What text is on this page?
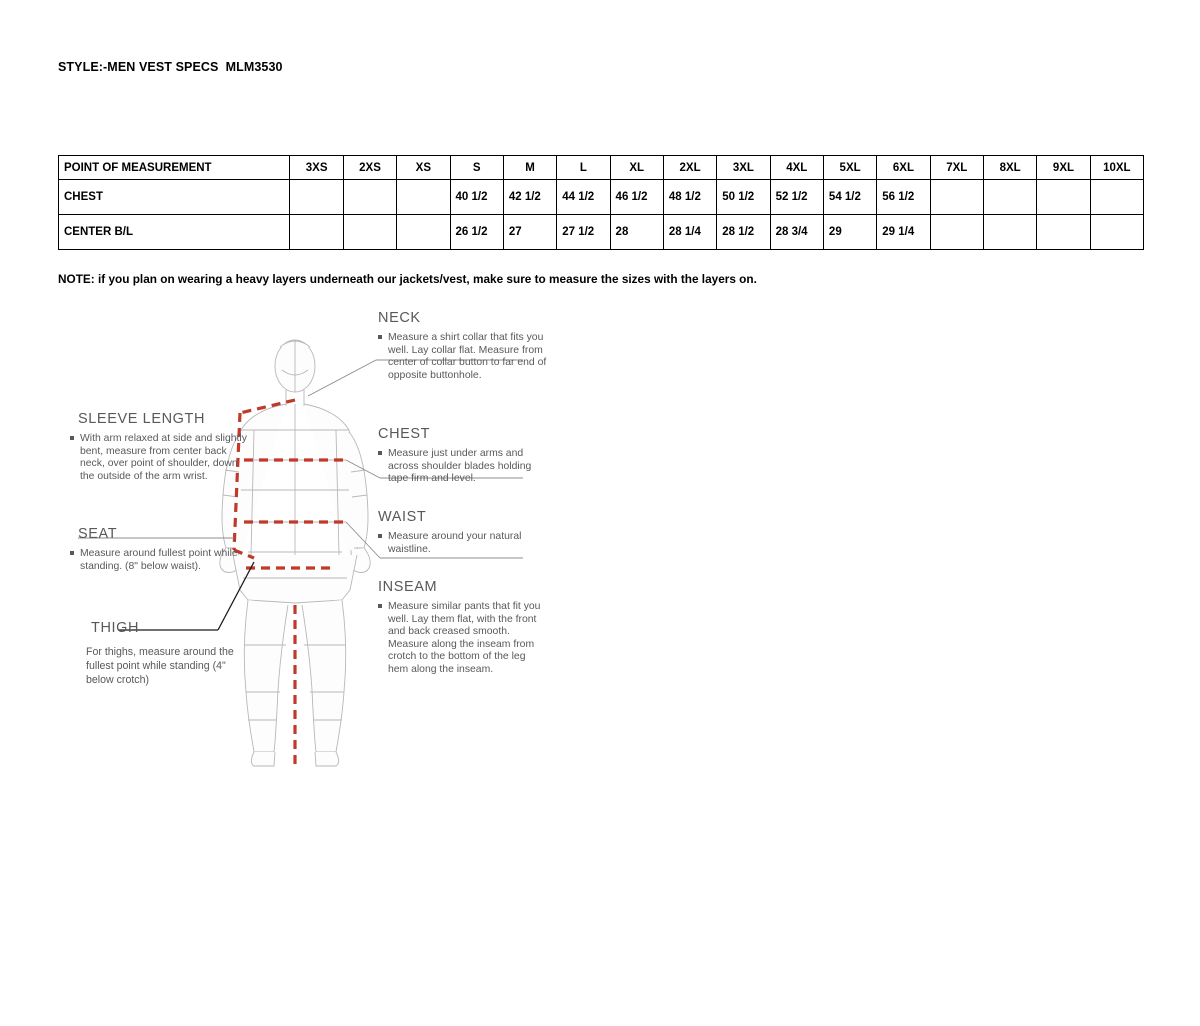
STYLE:-MEN VEST SPECS  MLM3530
POINT OF MEASUREMENT	3XS	2XS	XS	S	M	L	XL	2XL	3XL	4XL	5XL	6XL	7XL	8XL	9XL	10XL
CHEST				40 1/2	42 1/2	44 1/2	46 1/2	48 1/2	50 1/2	52 1/2	54 1/2	56 1/2				
CENTER B/L				26 1/2	27	27 1/2	28	28 1/4	28 1/2	28 3/4	29	29 1/4				
NOTE: if you plan on wearing a heavy layers underneath our jackets/vest, make sure to measure the sizes with the layers on.
NECK
Measure a shirt collar that fits you well. Lay collar flat. Measure from center of collar button to far end of opposite buttonhole.
CHEST
Measure just under arms and across shoulder blades holding tape firm and level.
WAIST
Measure around your natural waistline.
INSEAM
Measure similar pants that fit you well. Lay them flat, with the front and back creased smooth. Measure along the inseam from crotch to the bottom of the leg hem along the inseam.
SLEEVE LENGTH
With arm relaxed at side and slightly bent, measure from center back neck, over point of shoulder, down the outside of the arm wrist.
SEAT
Measure around fullest point while standing. (8" below waist).
THIGH
For thighs, measure around the fullest point while standing (4" below crotch)
